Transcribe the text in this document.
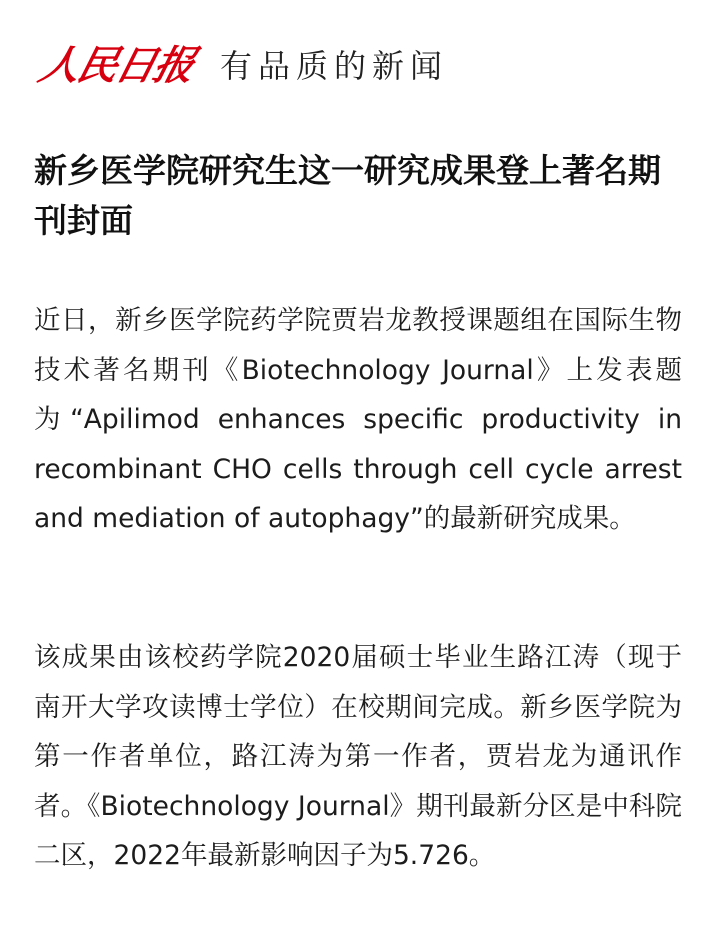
人民日报 有品质的新闻
新乡医学院研究生这一研究成果登上著名期刊封面

近日，新乡医学院药学院贾岩龙教授课题组在国际生物技术著名期刊《Biotechnology Journal》上发表题为“Apilimod enhances specific productivity in recombinant CHO cells through cell cycle arrest and mediation of autophagy”的最新研究成果。

该成果由该校药学院2020届硕士毕业生路江涛（现于南开大学攻读博士学位）在校期间完成。新乡医学院为第一作者单位，路江涛为第一作者，贾岩龙为通讯作者。《Biotechnology Journal》期刊最新分区是中科院二区，2022年最新影响因子为5.726。
